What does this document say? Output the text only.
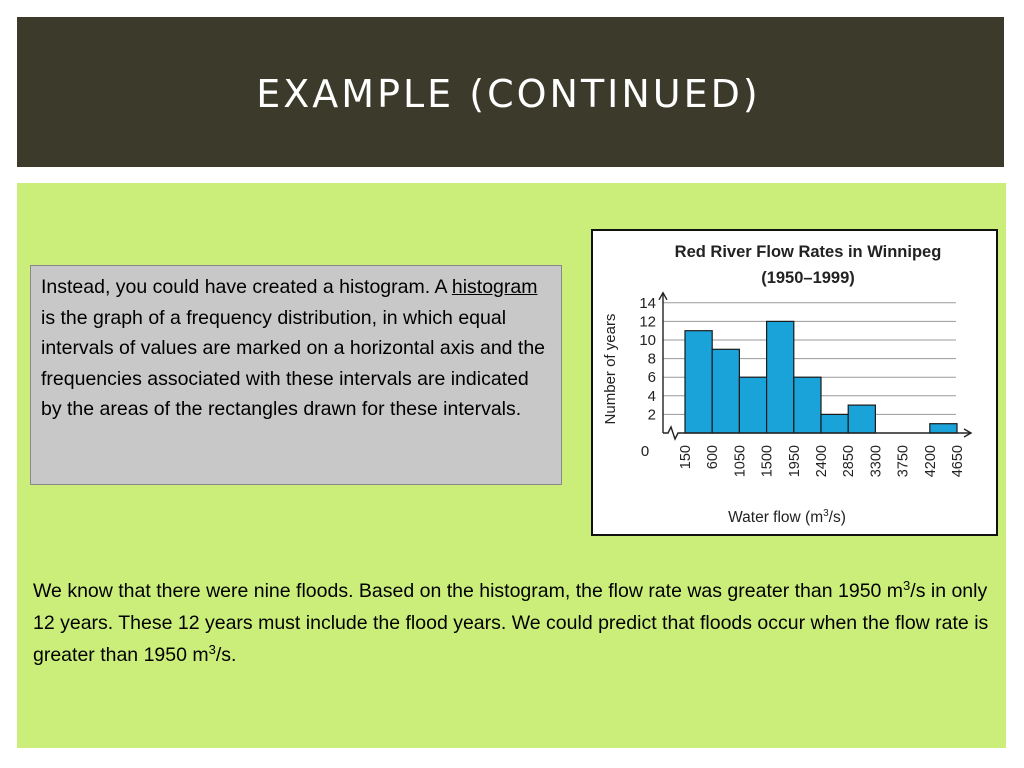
EXAMPLE (CONTINUED)
Instead, you could have created a histogram. A histogram is the graph of a frequency distribution, in which equal intervals of values are marked on a horizontal axis and the frequencies associated with these intervals are indicated by the areas of the rectangles drawn for these intervals.
Red River Flow Rates in Winnipeg
(1950–1999)
Number of years
Water flow $(m^3/s)$
2
4
6
8
10
12
14
0 150 600 1050 1500 1950 2400 2850 3300 3750 4200 4650
We know that there were nine floods. Based on the histogram, the flow rate was greater than 1950 $m^3/s$ in only 12 years. These 12 years must include the flood years. We could predict that floods occur when the flow rate is greater than 1950 $m^3/s$.
